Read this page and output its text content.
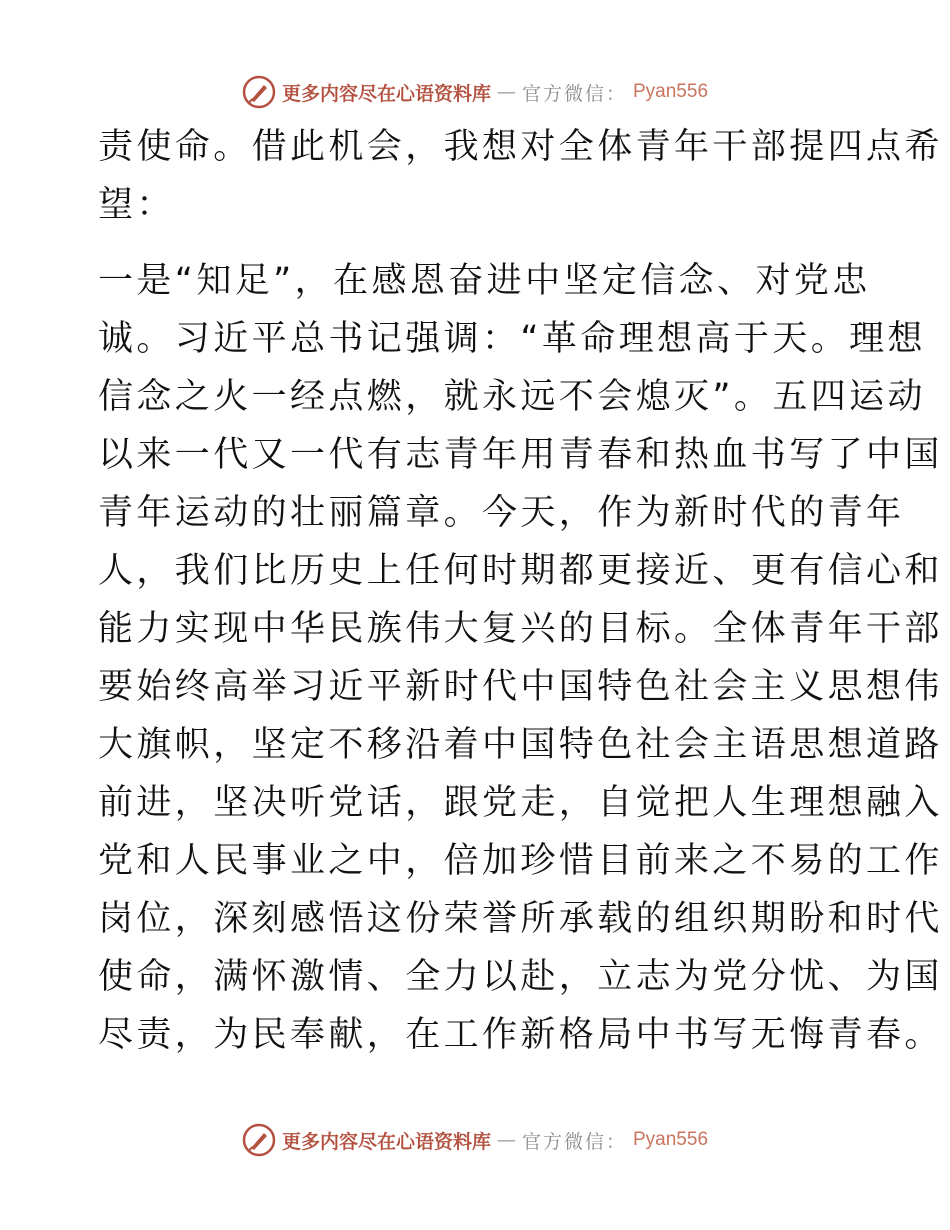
更多内容尽在心语资料库 — 官方微信： Pyan556
责使命。借此机会，我想对全体青年干部提四点希
望：
一是“知足”，在感恩奋进中坚定信念、对党忠
诚。习近平总书记强调：“革命理想高于天。理想
信念之火一经点燃，就永远不会熄灭”。五四运动
以来一代又一代有志青年用青春和热血书写了中国
青年运动的壮丽篇章。今天，作为新时代的青年
人，我们比历史上任何时期都更接近、更有信心和
能力实现中华民族伟大复兴的目标。全体青年干部
要始终高举习近平新时代中国特色社会主义思想伟
大旗帜，坚定不移沿着中国特色社会主语思想道路
前进，坚决听党话，跟党走，自觉把人生理想融入
党和人民事业之中，倍加珍惜目前来之不易的工作
岗位，深刻感悟这份荣誉所承载的组织期盼和时代
使命，满怀激情、全力以赴，立志为党分忧、为国
尽责，为民奉献，在工作新格局中书写无悔青春。
更多内容尽在心语资料库 — 官方微信： Pyan556
